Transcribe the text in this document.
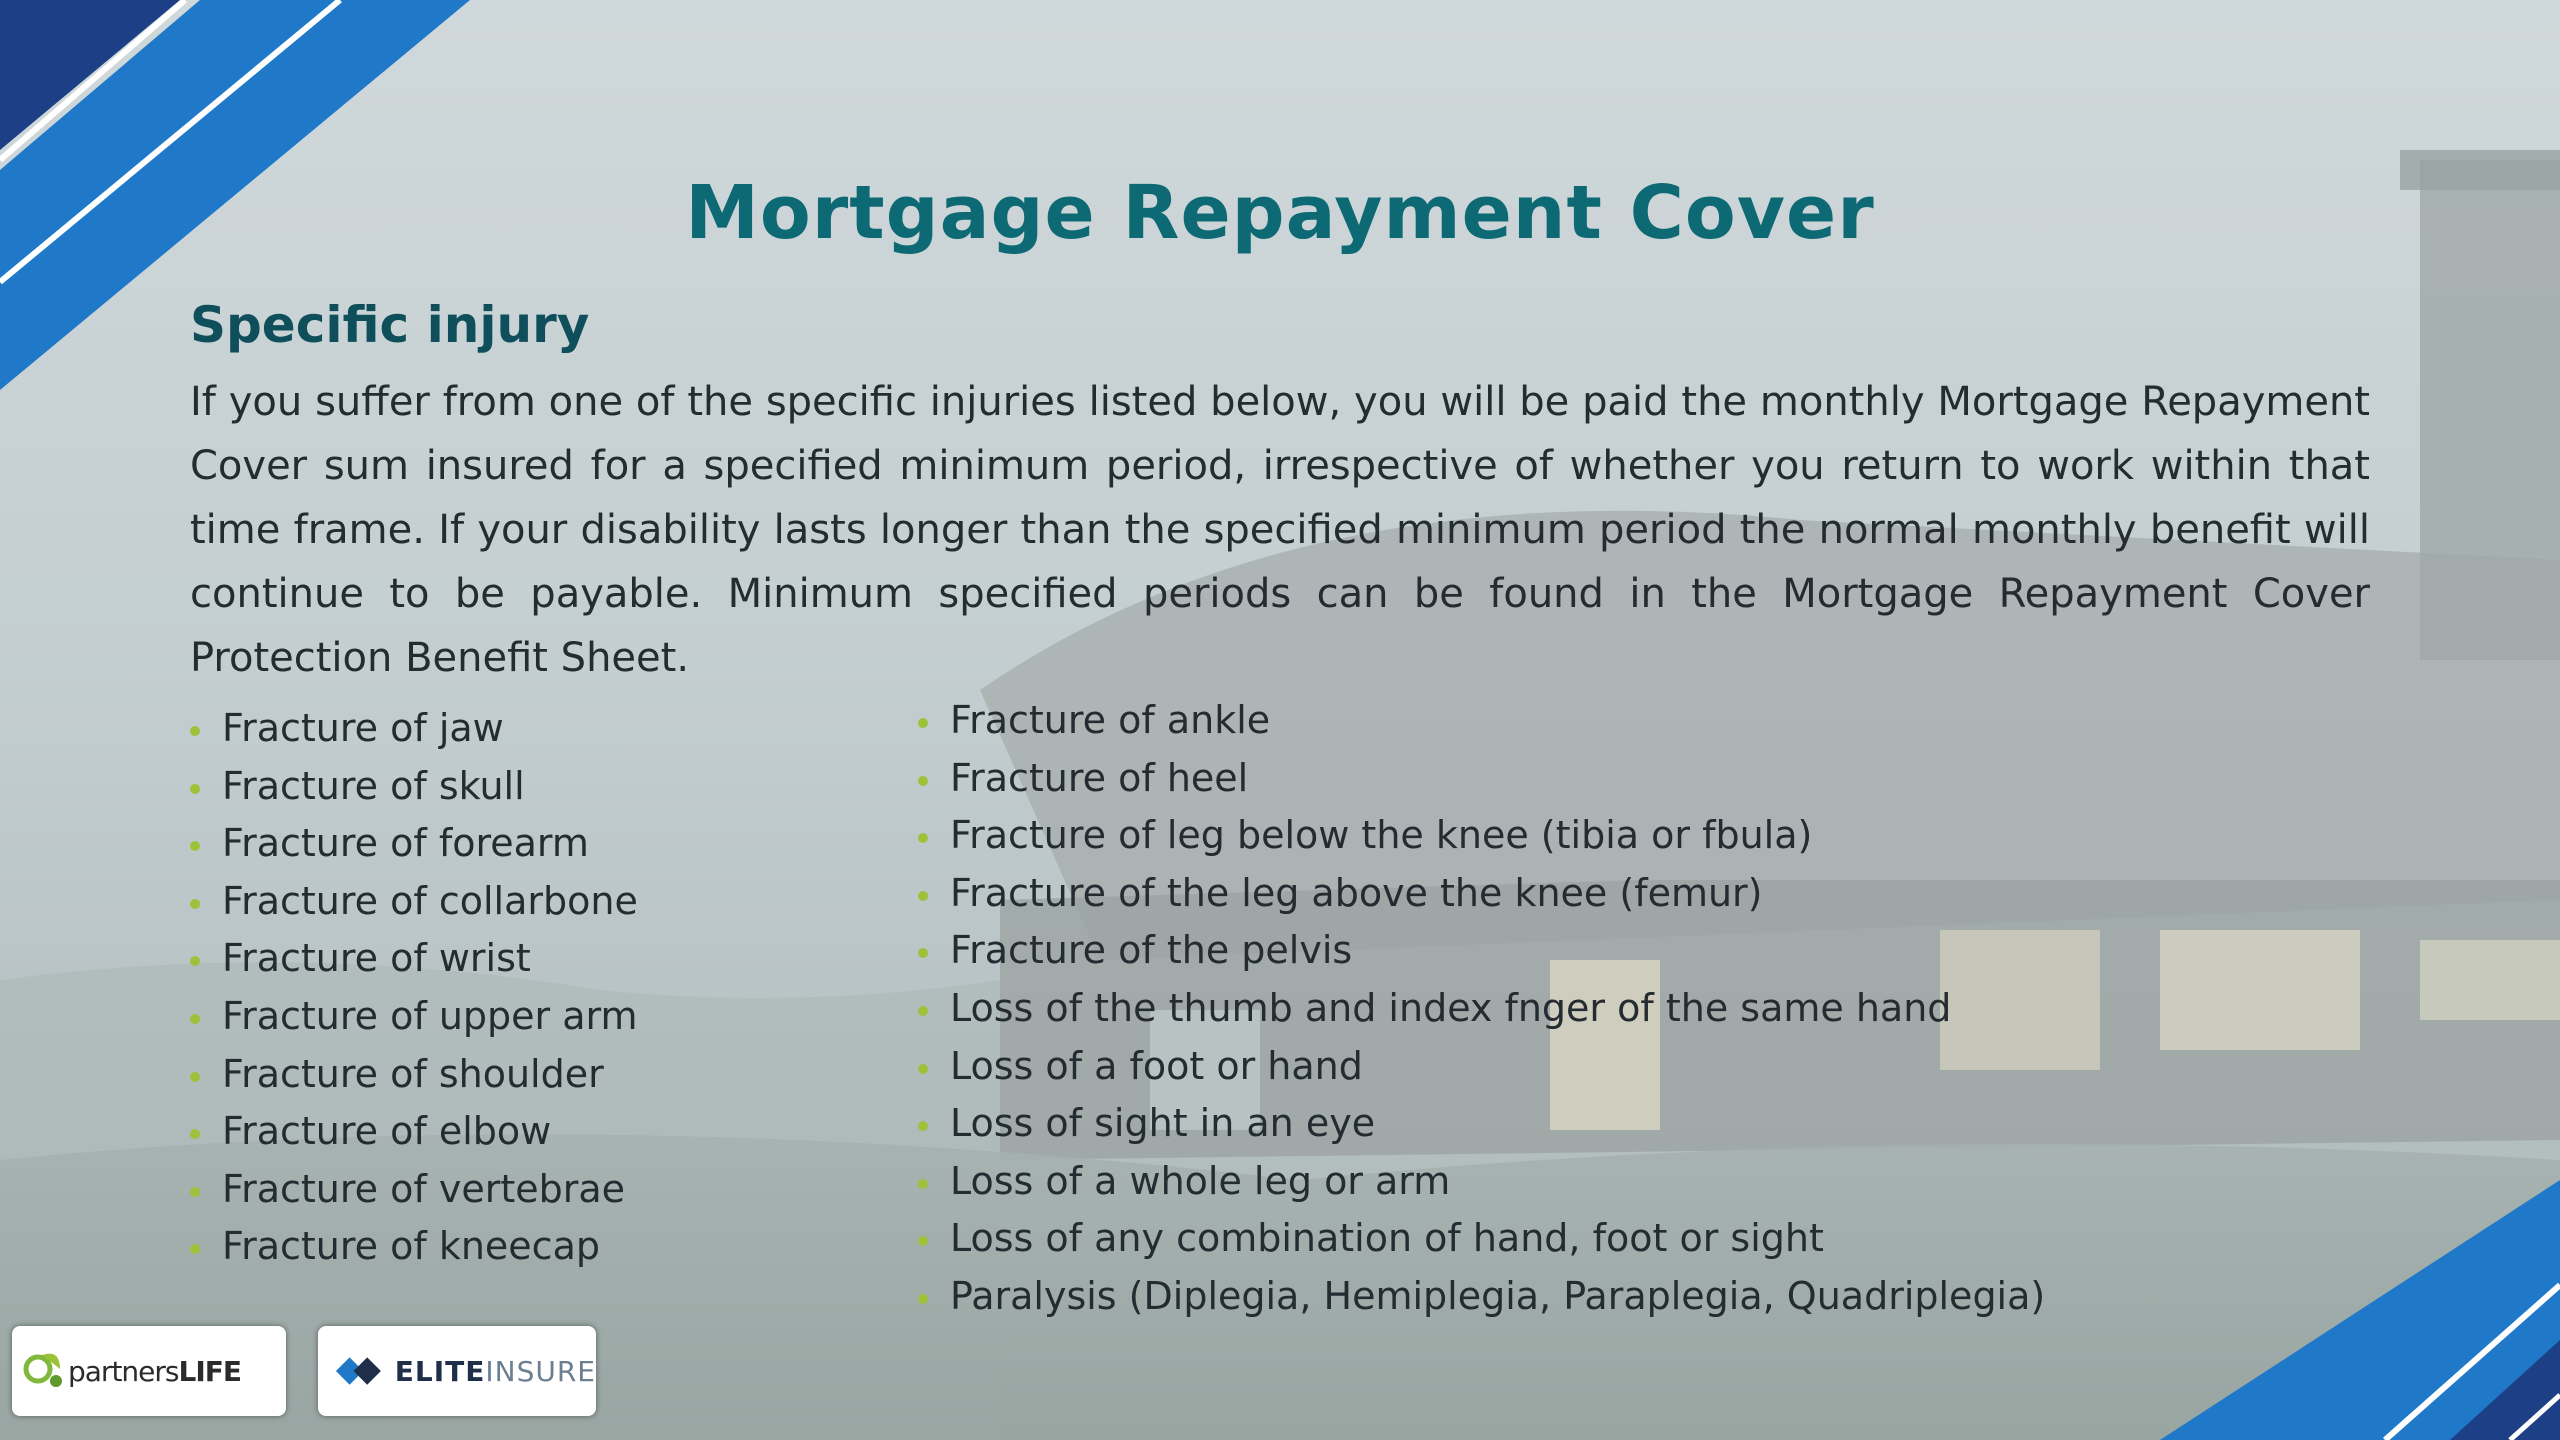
Mortgage Repayment Cover
Specific injury
If you suffer from one of the specific injuries listed below, you will be paid the monthly Mortgage Repayment Cover sum insured for a specified minimum period, irrespective of whether you return to work within that time frame. If your disability lasts longer than the specified minimum period the normal monthly benefit will continue to be payable. Minimum specified periods can be found in the Mortgage Repayment Cover Protection Benefit Sheet.
Fracture of jaw
Fracture of skull
Fracture of forearm
Fracture of collarbone
Fracture of wrist
Fracture of upper arm
Fracture of shoulder
Fracture of elbow
Fracture of vertebrae
Fracture of kneecap
Fracture of ankle
Fracture of heel
Fracture of leg below the knee (tibia or fbula)
Fracture of the leg above the knee (femur)
Fracture of the pelvis
Loss of the thumb and index fnger of the same hand
Loss of a foot or hand
Loss of sight in an eye
Loss of a whole leg or arm
Loss of any combination of hand, foot or sight
Paralysis (Diplegia, Hemiplegia, Paraplegia, Quadriplegia)
partnersLIFE	ELITEINSURE
